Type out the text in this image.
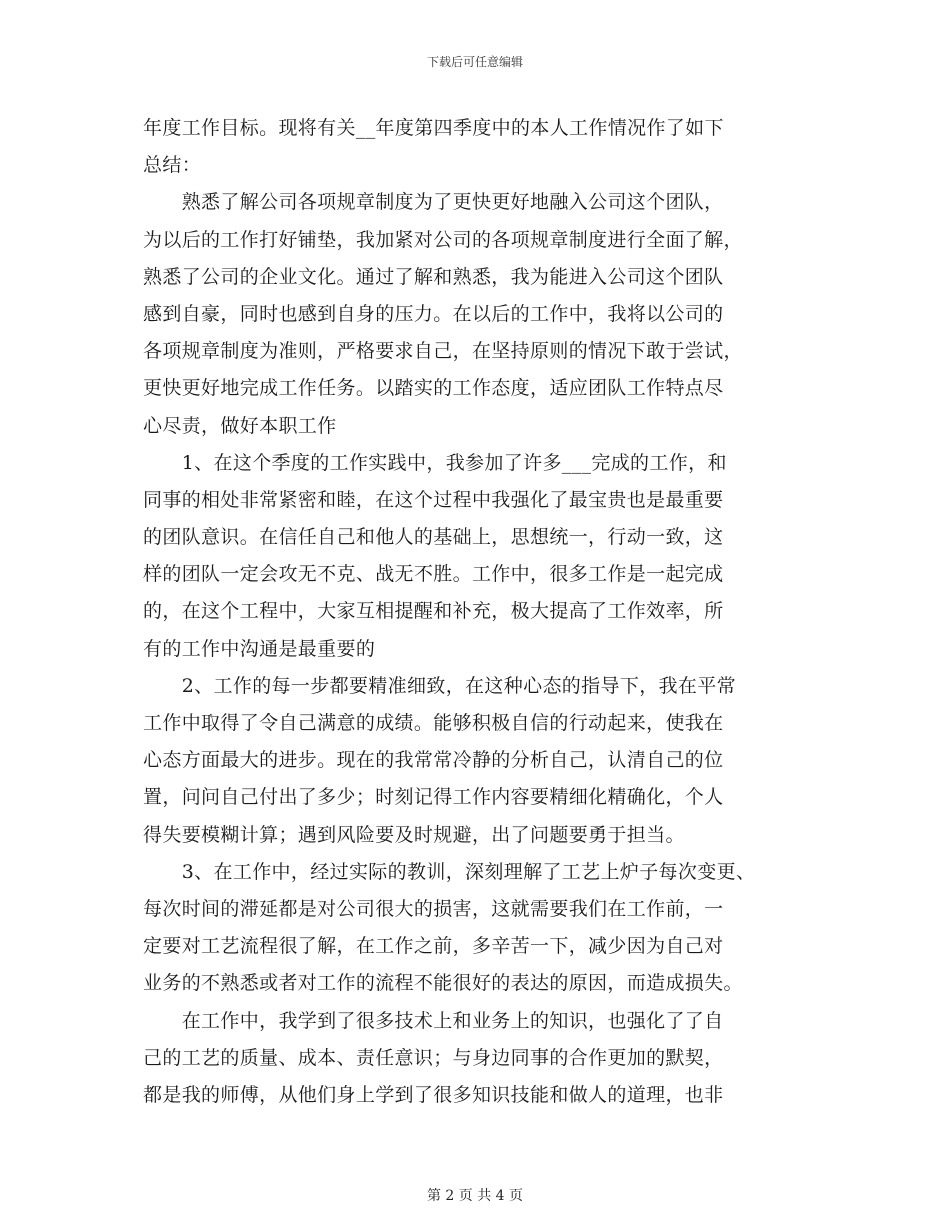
下载后可任意编辑
年度工作目标。现将有关__年度第四季度中的本人工作情况作了如下
总结：
　　熟悉了解公司各项规章制度为了更快更好地融入公司这个团队，
为以后的工作打好铺垫，我加紧对公司的各项规章制度进行全面了解，
熟悉了公司的企业文化。通过了解和熟悉，我为能进入公司这个团队
感到自豪，同时也感到自身的压力。在以后的工作中，我将以公司的
各项规章制度为准则，严格要求自己，在坚持原则的情况下敢于尝试，
更快更好地完成工作任务。以踏实的工作态度，适应团队工作特点尽
心尽责，做好本职工作
　　1、在这个季度的工作实践中，我参加了许多___完成的工作，和
同事的相处非常紧密和睦，在这个过程中我强化了最宝贵也是最重要
的团队意识。在信任自己和他人的基础上，思想统一，行动一致，这
样的团队一定会攻无不克、战无不胜。工作中，很多工作是一起完成
的，在这个工程中，大家互相提醒和补充，极大提高了工作效率，所
有的工作中沟通是最重要的
　　2、工作的每一步都要精准细致，在这种心态的指导下，我在平常
工作中取得了令自己满意的成绩。能够积极自信的行动起来，使我在
心态方面最大的进步。现在的我常常冷静的分析自己，认清自己的位
置，问问自己付出了多少；时刻记得工作内容要精细化精确化，个人
得失要模糊计算；遇到风险要及时规避，出了问题要勇于担当。
　　3、在工作中，经过实际的教训，深刻理解了工艺上炉子每次变更、
每次时间的滞延都是对公司很大的损害，这就需要我们在工作前，一
定要对工艺流程很了解，在工作之前，多辛苦一下，减少因为自己对
业务的不熟悉或者对工作的流程不能很好的表达的原因，而造成损失。
　　在工作中，我学到了很多技术上和业务上的知识，也强化了了自
己的工艺的质量、成本、责任意识；与身边同事的合作更加的默契，
都是我的师傅，从他们身上学到了很多知识技能和做人的道理，也非
第 2 页 共 4 页
